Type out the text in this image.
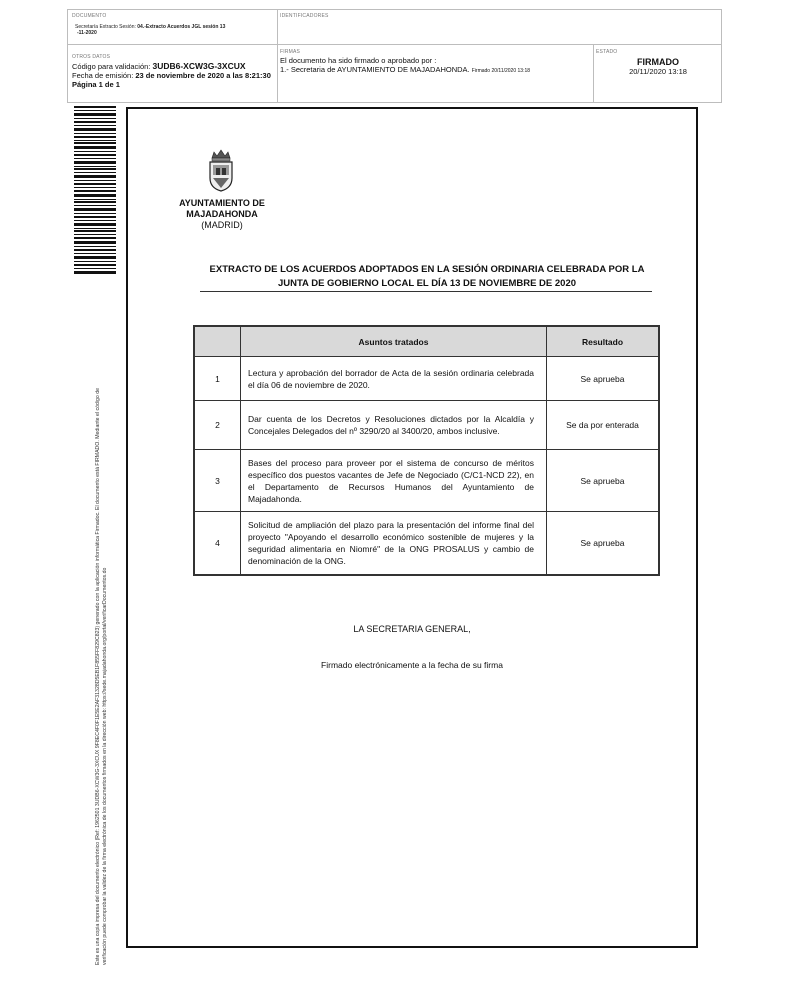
DOCUMENTO
Secretaría Extracto Sesión: 04.-Extracto Acuerdos JGL sesión 13
-11-2020
IDENTIFICADORES
OTROS DATOS
Código para validación: 3UDB6-XCW3G-3XCUX
Fecha de emisión: 23 de noviembre de 2020 a las 8:21:30
Página 1 de 1
FIRMAS
El documento ha sido firmado o aprobado por :
1.- Secretaria de AYUNTAMIENTO DE MAJADAHONDA. Firmado 20/11/2020 13:18
ESTADO
FIRMADO
20/11/2020 13:18
Este es una copia impresa del documento electrónico (Ref: 1962501 3UDB6-XCW3G-3XCUX 9F8EC4F0F1E5E2AF31328D5EB1F855FF829C823) generado con la aplicación informática Firmadoc. El documento está FIRMADO. Mediante el código de verificación puede comprobar la validez de la firma electrónica de los documentos firmados en la dirección web: https://sede.majadahonda.org/portal/verificarDocumentos.do
AYUNTAMIENTO DE
MAJADAHONDA
(MADRID)
EXTRACTO DE LOS ACUERDOS ADOPTADOS EN LA SESIÓN ORDINARIA CELEBRADA POR LA JUNTA DE GOBIERNO LOCAL EL DÍA 13 DE NOVIEMBRE DE 2020
	Asuntos tratados	Resultado
1	Lectura y aprobación del borrador de Acta de la sesión ordinaria celebrada el día 06 de noviembre de 2020.	Se aprueba
2	Dar cuenta de los Decretos y Resoluciones dictados por la Alcaldía y Concejales Delegados del nº 3290/20 al 3400/20, ambos inclusive.	Se da por enterada
3	Bases del proceso para proveer por el sistema de concurso de méritos específico dos puestos vacantes de Jefe de Negociado (C/C1-NCD 22), en el Departamento de Recursos Humanos del Ayuntamiento de Majadahonda.	Se aprueba
4	Solicitud de ampliación del plazo para la presentación del informe final del proyecto "Apoyando el desarrollo económico sostenible de mujeres y la seguridad alimentaria en Niomré" de la ONG PROSALUS y cambio de denominación de la ONG.	Se aprueba
LA SECRETARIA GENERAL,
Firmado electrónicamente a la fecha de su firma
